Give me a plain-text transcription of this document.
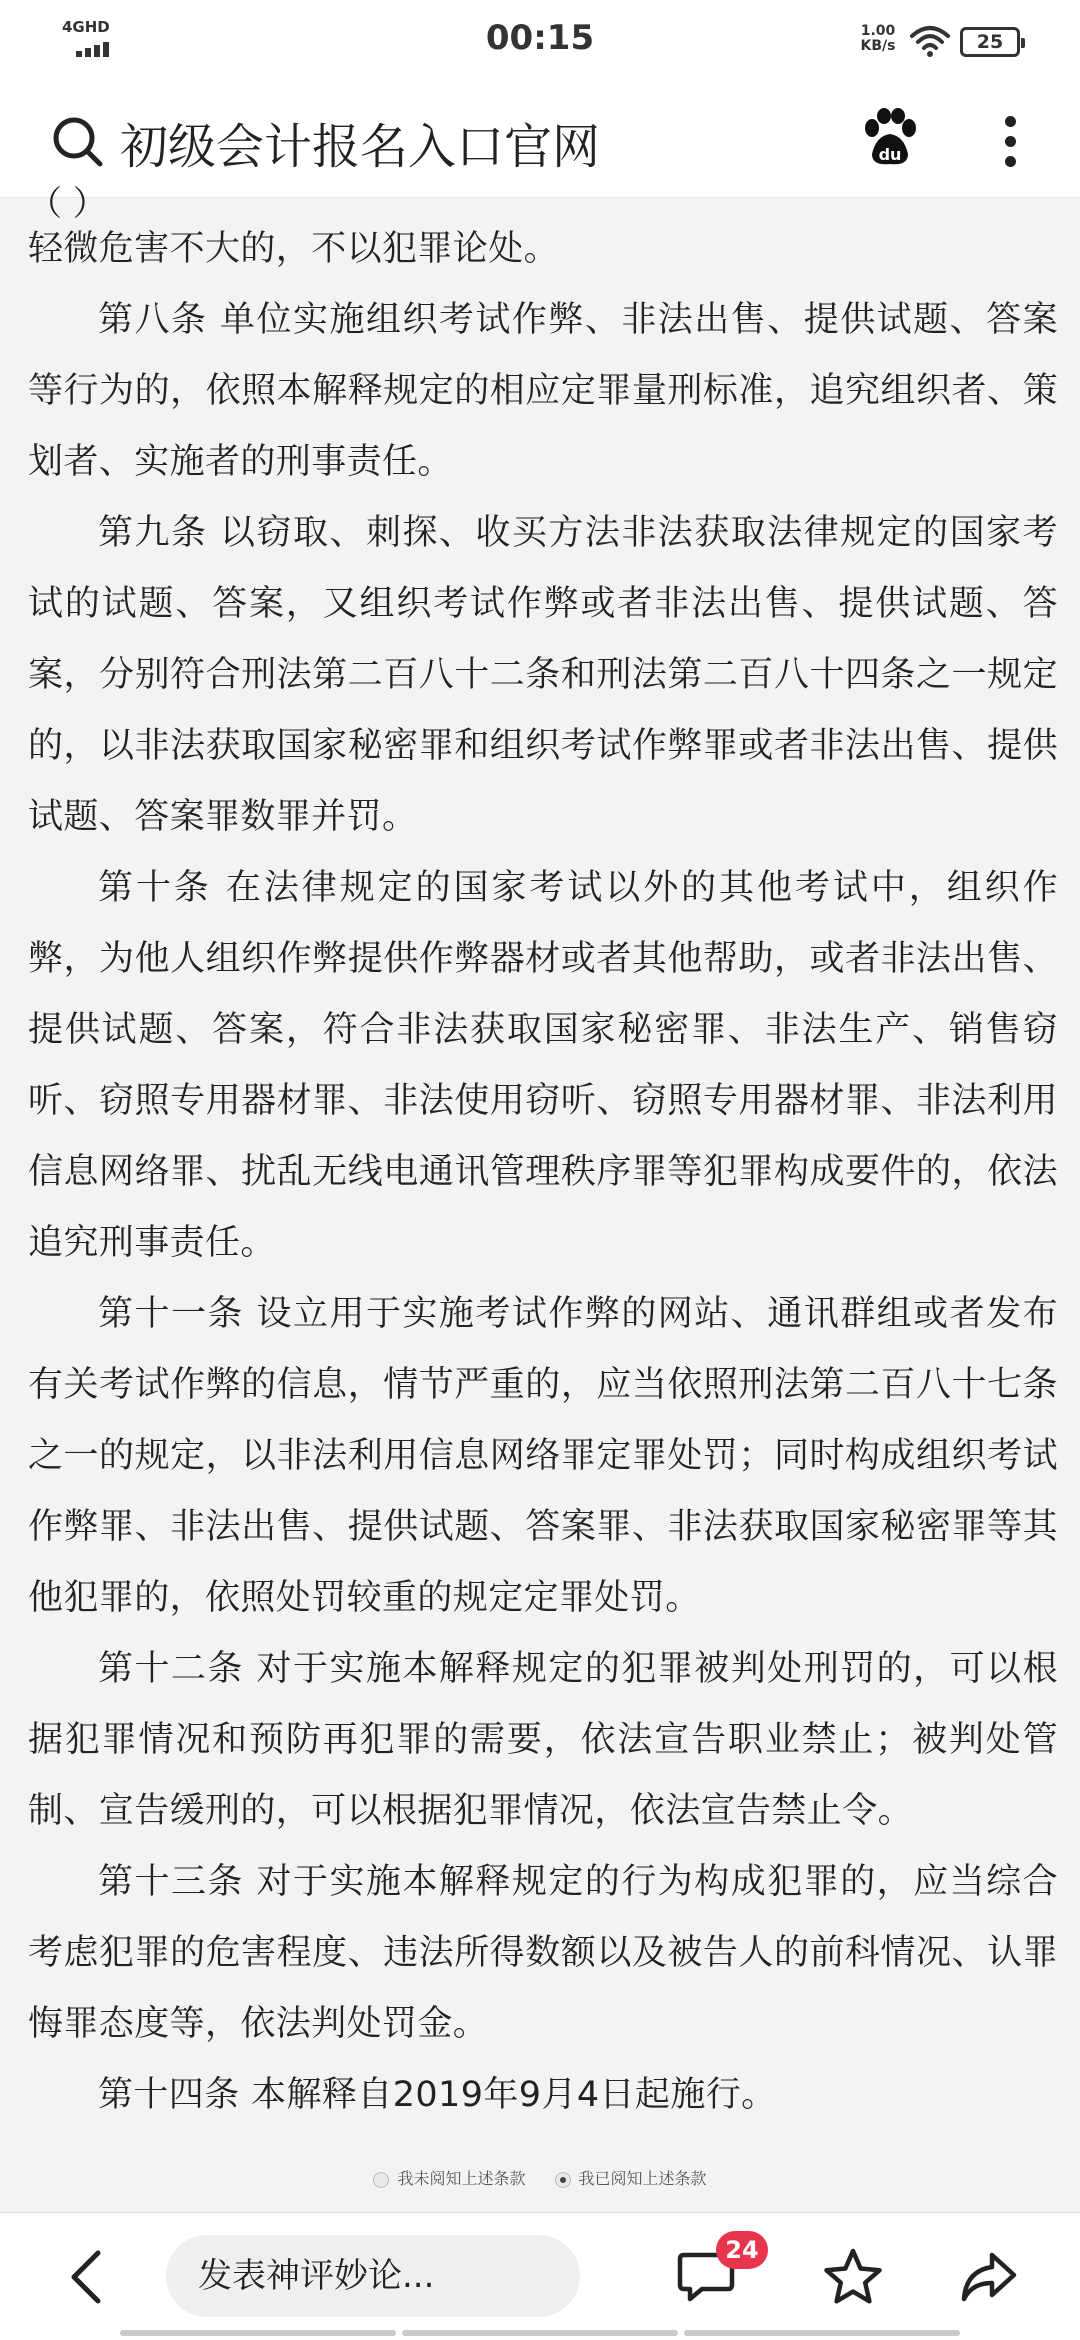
4GHD	00:15	1.00
KB/s	25
初级会计报名入口官网	du
（ ）
轻微危害不大的，不以犯罪论处。
第八条 单位实施组织考试作弊、非法出售、提供试题、答案等行为的，依照本解释规定的相应定罪量刑标准，追究组织者、策划者、实施者的刑事责任。
第九条 以窃取、刺探、收买方法非法获取法律规定的国家考试的试题、答案，又组织考试作弊或者非法出售、提供试题、答案，分别符合刑法第二百八十二条和刑法第二百八十四条之一规定的，以非法获取国家秘密罪和组织考试作弊罪或者非法出售、提供试题、答案罪数罪并罚。
第十条 在法律规定的国家考试以外的其他考试中，组织作弊，为他人组织作弊提供作弊器材或者其他帮助，或者非法出售、提供试题、答案，符合非法获取国家秘密罪、非法生产、销售窃听、窃照专用器材罪、非法使用窃听、窃照专用器材罪、非法利用信息网络罪、扰乱无线电通讯管理秩序罪等犯罪构成要件的，依法追究刑事责任。
第十一条 设立用于实施考试作弊的网站、通讯群组或者发布有关考试作弊的信息，情节严重的，应当依照刑法第二百八十七条之一的规定，以非法利用信息网络罪定罪处罚；同时构成组织考试作弊罪、非法出售、提供试题、答案罪、非法获取国家秘密罪等其他犯罪的，依照处罚较重的规定定罪处罚。
第十二条 对于实施本解释规定的犯罪被判处刑罚的，可以根据犯罪情况和预防再犯罪的需要，依法宣告职业禁止；被判处管制、宣告缓刑的，可以根据犯罪情况，依法宣告禁止令。
第十三条 对于实施本解释规定的行为构成犯罪的，应当综合考虑犯罪的危害程度、违法所得数额以及被告人的前科情况、认罪悔罪态度等，依法判处罚金。
第十四条 本解释自2019年9月4日起施行。
我未阅知上述条款	我已阅知上述条款
发表神评妙论...
24
